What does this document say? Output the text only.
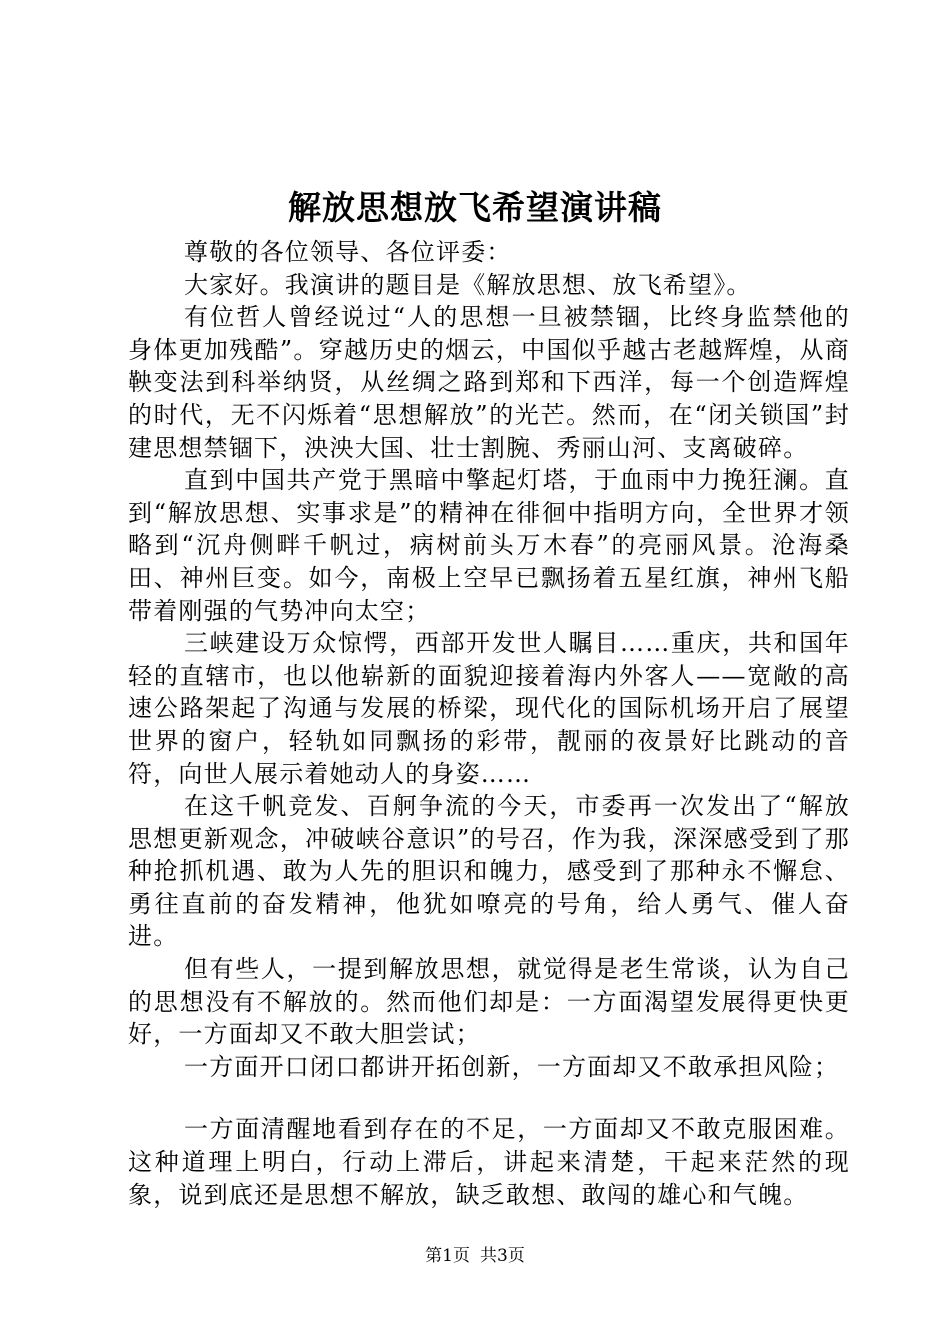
解放思想放飞希望演讲稿

尊敬的各位领导、各位评委：

大家好。我演讲的题目是《解放思想、放飞希望》。

有位哲人曾经说过“人的思想一旦被禁锢，比终身监禁他的身体更加残酷”。穿越历史的烟云，中国似乎越古老越辉煌，从商鞅变法到科举纳贤，从丝绸之路到郑和下西洋，每一个创造辉煌的时代，无不闪烁着“思想解放”的光芒。然而，在“闭关锁国”封建思想禁锢下，泱泱大国、壮士割腕、秀丽山河、支离破碎。

直到中国共产党于黑暗中擎起灯塔，于血雨中力挽狂澜。直到“解放思想、实事求是”的精神在徘徊中指明方向，全世界才领略到“沉舟侧畔千帆过，病树前头万木春”的亮丽风景。沧海桑田、神州巨变。如今，南极上空早已飘扬着五星红旗，神州飞船带着刚强的气势冲向太空；

三峡建设万众惊愕，西部开发世人瞩目……重庆，共和国年轻的直辖市，也以他崭新的面貌迎接着海内外客人——宽敞的高速公路架起了沟通与发展的桥梁，现代化的国际机场开启了展望世界的窗户，轻轨如同飘扬的彩带，靓丽的夜景好比跳动的音符，向世人展示着她动人的身姿……

在这千帆竞发、百舸争流的今天，市委再一次发出了“解放思想更新观念，冲破峡谷意识”的号召，作为我，深深感受到了那种抢抓机遇、敢为人先的胆识和魄力，感受到了那种永不懈怠、勇往直前的奋发精神，他犹如嘹亮的号角，给人勇气、催人奋进。

但有些人，一提到解放思想，就觉得是老生常谈，认为自己的思想没有不解放的。然而他们却是：一方面渴望发展得更快更好，一方面却又不敢大胆尝试；

一方面开口闭口都讲开拓创新，一方面却又不敢承担风险；

一方面清醒地看到存在的不足，一方面却又不敢克服困难。这种道理上明白，行动上滞后，讲起来清楚，干起来茫然的现象，说到底还是思想不解放，缺乏敢想、敢闯的雄心和气魄。

第1页 共3页
